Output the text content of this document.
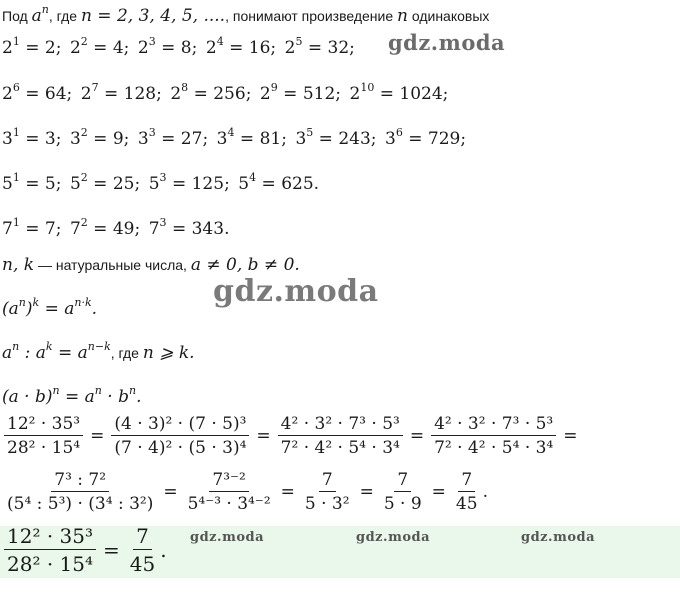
Под $a^n$, где n = 2, 3, 4, 5, ...., понимают произведение n одинаковых
$2^1 = 2$; $2^2 = 4$; $2^3 = 8$; $2^4 = 16$; $2^5 = 32$;
$2^6 = 64$; $2^7 = 128$; $2^8 = 256$; $2^9 = 512$; $2^{10} = 1024$;
$3^1 = 3$; $3^2 = 9$; $3^3 = 27$; $3^4 = 81$; $3^5 = 243$; $3^6 = 729$;
$5^1 = 5$; $5^2 = 25$; $5^3 = 125$; $5^4 = 625$.
$7^1 = 7$; $7^2 = 49$; $7^3 = 343$.
gdz.moda
n, k — натуральные числа, a ≠ 0, b ≠ 0.
gdz.moda
$(a^n)^k = a^{n\cdot k}$.
$a^n$ : $a^k = a^{n-k}$, где n ⩾ k.
$(a \cdot b)^n = a^n \cdot b^n$.
$\frac{\text{12² · 35³}}{\text{28² · 15⁴}} = \frac{\text{(4 · 3)² · (7 · 5)³}}{\text{(7 · 4)² · (5 · 3)⁴}} = \frac{\text{4² · 3² · 7³ · 5³}}{\text{7² · 4² · 5⁴ · 3⁴}} = \frac{\text{4² · 3² · 7³ · 5³}}{\text{7² · 4² · 5⁴ · 3⁴}}$ =
$\frac{\text{7³ : 7²}}{\text{(5⁴ : 5³) · (3⁴ : 3²)}} = \frac{\text{7³⁻²}}{\text{5⁴⁻³ · 3⁴⁻²}} = \frac{7}{\text{5 · 3²}} = \frac{7}{5 \cdot 9} = \frac{7}{45}$ .
gdz.moda	gdz.moda	gdz.moda
$\frac{\text{12² · 35³}}{\text{28² · 15⁴}} = \frac{7}{45}$ .
